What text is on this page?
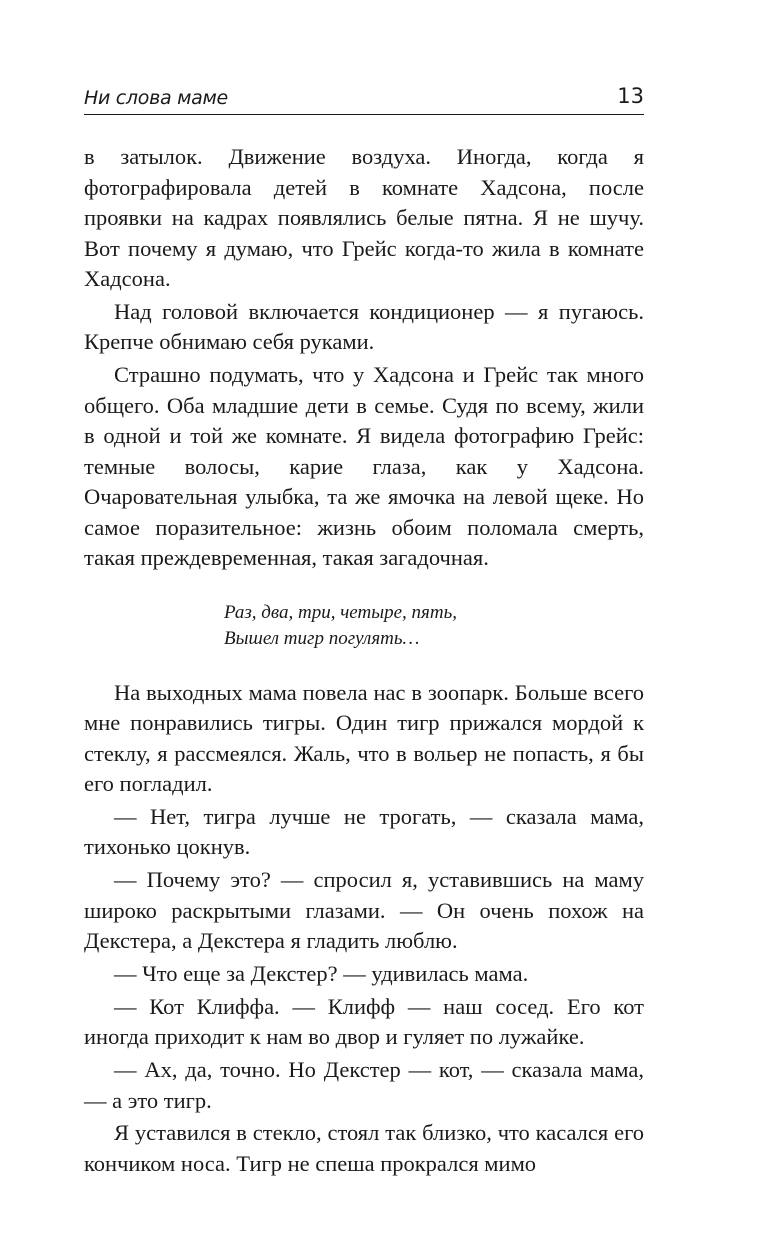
Ни слова маме	13

в затылок. Движение воздуха. Иногда, когда я фотографировала детей в комнате Хадсона, после проявки на кадрах появлялись белые пятна. Я не шучу. Вот почему я думаю, что Грейс когда-то жила в комнате Хадсона.

Над головой включается кондиционер — я пугаюсь. Крепче обнимаю себя руками.

Страшно подумать, что у Хадсона и Грейс так много общего. Оба младшие дети в семье. Судя по всему, жили в одной и той же комнате. Я видела фотографию Грейс: темные волосы, карие глаза, как у Хадсона. Очаровательная улыбка, та же ямочка на левой щеке. Но самое поразительное: жизнь обоим поломала смерть, такая преждевременная, такая загадочная.

Раз, два, три, четыре, пять,
Вышел тигр погулять…

На выходных мама повела нас в зоопарк. Больше всего мне понравились тигры. Один тигр прижался мордой к стеклу, я рассмеялся. Жаль, что в вольер не попасть, я бы его погладил.

— Нет, тигра лучше не трогать, — сказала мама, тихонько цокнув.

— Почему это? — спросил я, уставившись на маму широко раскрытыми глазами. — Он очень похож на Декстера, а Декстера я гладить люблю.

— Что еще за Декстер? — удивилась мама.

— Кот Клиффа. — Клифф — наш сосед. Его кот иногда приходит к нам во двор и гуляет по лужайке.

— Ах, да, точно. Но Декстер — кот, — сказала мама, — а это тигр.

Я уставился в стекло, стоял так близко, что касался его кончиком носа. Тигр не спеша прокрался мимо
